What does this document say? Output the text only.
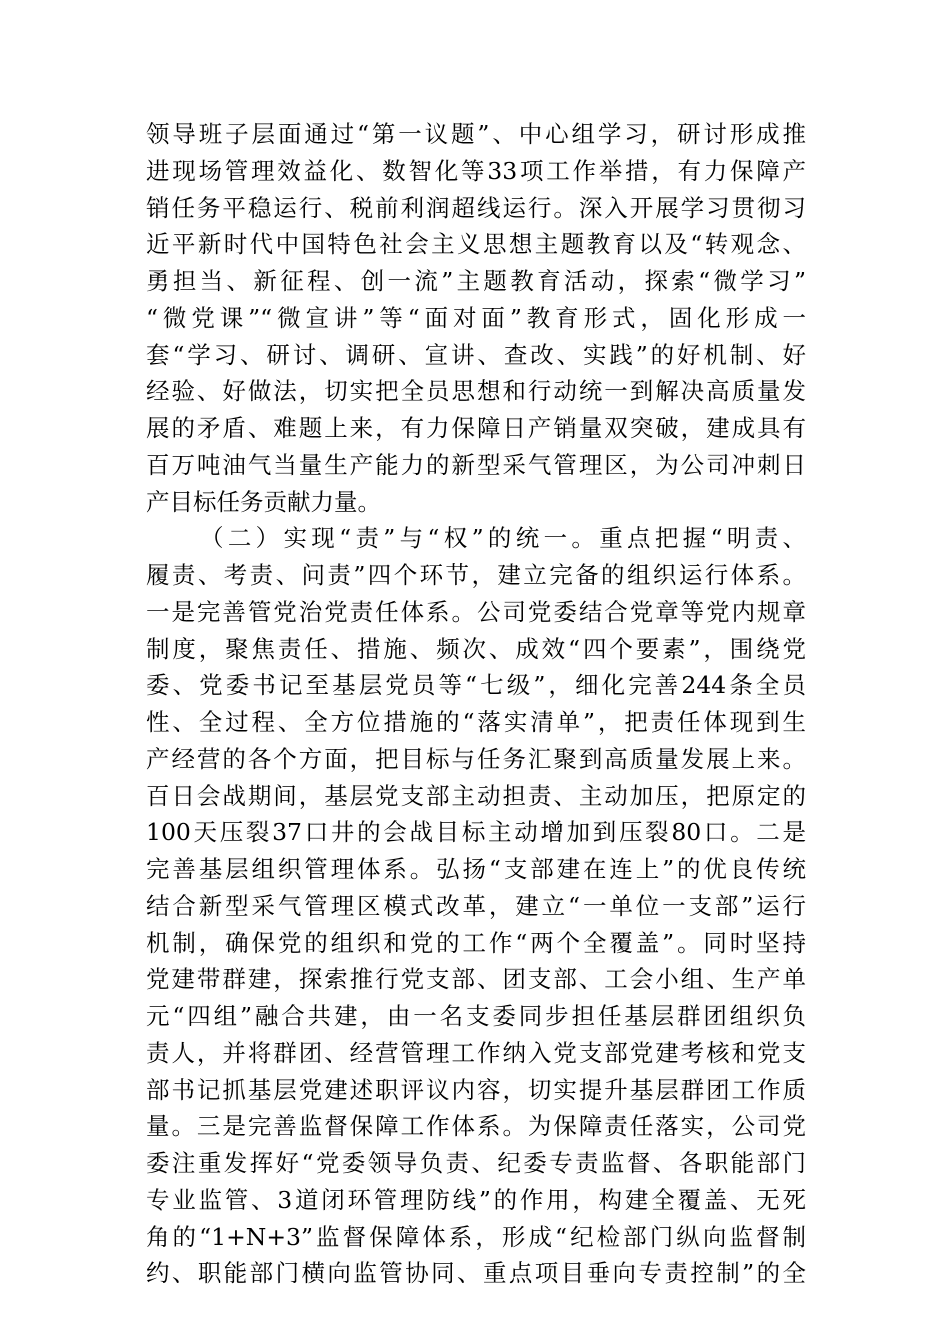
领导班子层面通过“第一议题”、中心组学习，研讨形成推
进现场管理效益化、数智化等33项工作举措，有力保障产
销任务平稳运行、税前利润超线运行。深入开展学习贯彻习
近平新时代中国特色社会主义思想主题教育以及“转观念、
勇担当、新征程、创一流”主题教育活动，探索“微学习”
“微党课”“微宣讲”等“面对面”教育形式，固化形成一
套“学习、研讨、调研、宣讲、查改、实践”的好机制、好
经验、好做法，切实把全员思想和行动统一到解决高质量发
展的矛盾、难题上来，有力保障日产销量双突破，建成具有
百万吨油气当量生产能力的新型采气管理区，为公司冲刺日
产目标任务贡献力量。
（二）实现“责”与“权”的统一。重点把握“明责、
履责、考责、问责”四个环节，建立完备的组织运行体系。
一是完善管党治党责任体系。公司党委结合党章等党内规章
制度，聚焦责任、措施、频次、成效“四个要素”，围绕党
委、党委书记至基层党员等“七级”，细化完善244条全员
性、全过程、全方位措施的“落实清单”，把责任体现到生
产经营的各个方面，把目标与任务汇聚到高质量发展上来。
百日会战期间，基层党支部主动担责、主动加压，把原定的
100天压裂37口井的会战目标主动增加到压裂80口。二是
完善基层组织管理体系。弘扬“支部建在连上”的优良传统
结合新型采气管理区模式改革，建立“一单位一支部”运行
机制，确保党的组织和党的工作“两个全覆盖”。同时坚持
党建带群建，探索推行党支部、团支部、工会小组、生产单
元“四组”融合共建，由一名支委同步担任基层群团组织负
责人，并将群团、经营管理工作纳入党支部党建考核和党支
部书记抓基层党建述职评议内容，切实提升基层群团工作质
量。三是完善监督保障工作体系。为保障责任落实，公司党
委注重发挥好“党委领导负责、纪委专责监督、各职能部门
专业监管、3道闭环管理防线”的作用，构建全覆盖、无死
角的“1+N+3”监督保障体系，形成“纪检部门纵向监督制
约、职能部门横向监管协同、重点项目垂向专责控制”的全
